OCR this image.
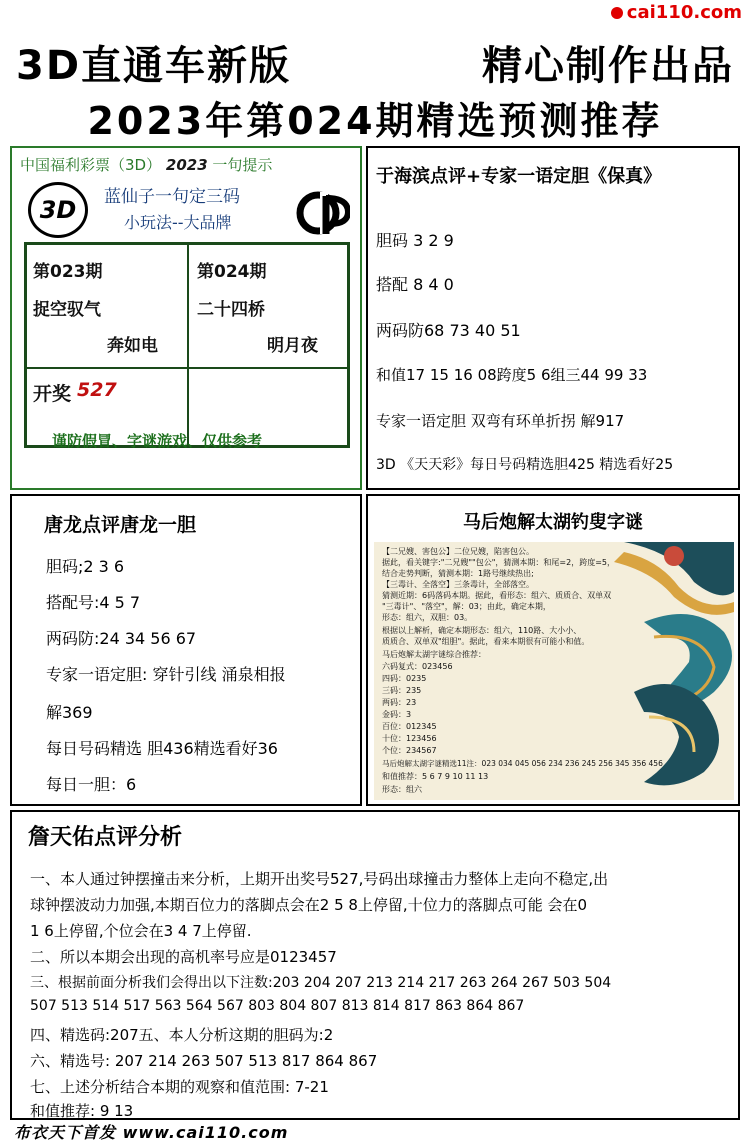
cai110.com
3D直通车新版	精心制作出品
2023年第024期精选预测推荐
中国福利彩票（3D） 2023 一句提示
3D	蓝仙子一句定三码
小玩法--大品牌
第023期
捉空驭气
奔如电
第024期
二十四桥
明月夜
开奖 527
谨防假冒、字谜游戏、仅供参考
于海滨点评+专家一语定胆《保真》
胆码 3 2 9
搭配 8 4 0
两码防68 73 40 51
和值17 15 16 08跨度5 6组三44 99 33
专家一语定胆 双弯有环单折拐 解917
3D 《天天彩》每日号码精选胆425 精选看好25
唐龙点评唐龙一胆
胆码;2 3 6
搭配号:4 5 7
两码防:24 34 56 67
专家一语定胆: 穿针引线 涌泉相报
解369
每日号码精选 胆436精选看好36
每日一胆：6
马后炮解太湖钓叟字谜
【二兄嫂、害包公】二位兄嫂，陷害包公。
据此，看关键字:"二兄嫂""包公"，猜测本期：和尾=2，跨度=5，
结合走势判断，猜测本期：1路号继续热出;
【三毒计、全落空】三条毒计，全部落空。
猜测近期：6码落码本期。据此，看形态：组六、质质合、双单双
"三毒计"、"落空"，解：03；由此，确定本期，
形态：组六，双胆：03。
根据以上解析，确定本期形态：组六，110路、大小小、
质质合、双单双"组胆"。据此，看来本期很有可能小和值。
马后炮解太湖字谜综合推荐：
六码复式：023456
四码：0235
三码：235
两码：23
金码：3
百位：012345
十位：123456
个位：234567
马后炮解太湖字谜精选11注：023 034 045 056 234 236 245 256 345 356 456
和值推荐：5 6 7 9 10 11 13
形态：组六
詹天佑点评分析
一、本人通过钟摆撞击来分析，上期开出奖号527,号码出球撞击力整体上走向不稳定,出
球钟摆波动力加强,本期百位力的落脚点会在2 5 8上停留,十位力的落脚点可能 会在0
1 6上停留,个位会在3 4 7上停留.
二、所以本期会出现的高机率号应是0123457
三、根据前面分析我们会得出以下注数:203 204 207 213 214 217 263 264 267 503 504
507 513 514 517 563 564 567 803 804 807 813 814 817 863 864 867
四、精选码:207五、本人分析这期的胆码为:2
六、精选号: 207 214 263 507 513 817 864 867
七、上述分析结合本期的观察和值范围: 7-21
和值推荐: 9 13
布衣天下首发 www.cai110.com
